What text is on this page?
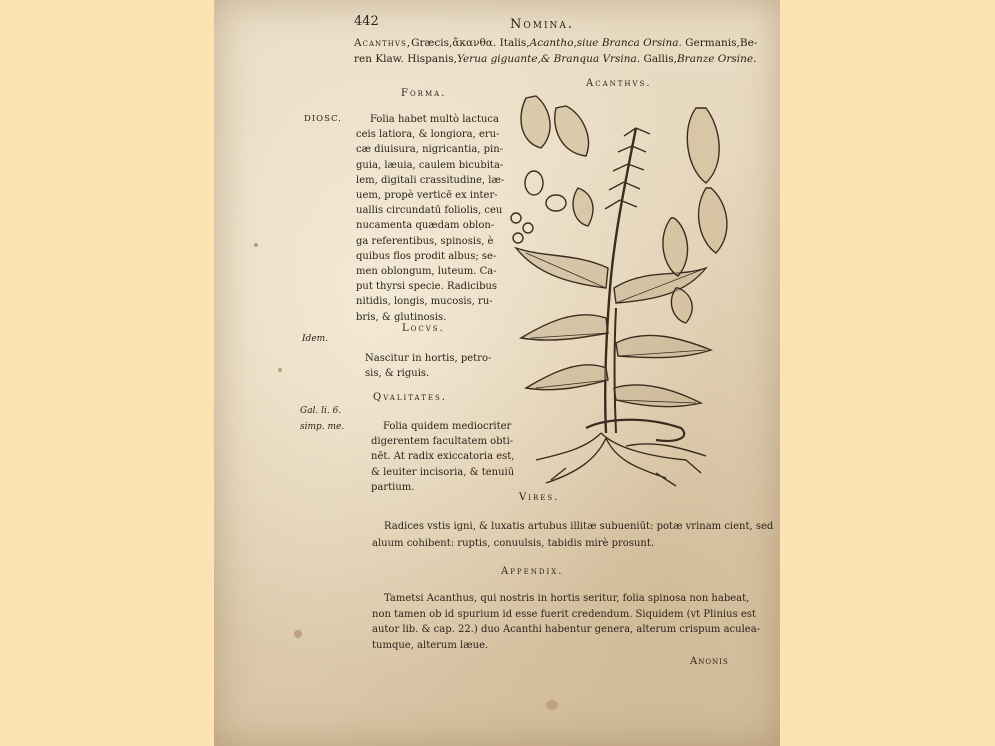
442	Nomina.
Acanthvs,Græcis,ἄκανθα. Italis,Acantho,siue Branca Orsina. Germanis,Be-
ren Klaw. Hispanis,Yerua giguante,& Branqua Vrsina. Gallis,Branze Orsine.
Acanthvs.
Forma.
DIOSC.	Folia habet multò lactuca
ceis latiora, & longiora, eru-
cæ diuisura, nigricantia, pin-
guia, læuia, caulem bicubita-
lem, digitali crassitudine, læ-
uem, propè verticē ex inter-
uallis circundatū foliolis, ceu
nucamenta quædam oblon-
ga referentibus, spinosis, è
quibus flos prodit albus; se-
men oblongum, luteum. Ca-
put thyrsi specie. Radicibus
nitidis, longis, mucosis, ru-
bris, & glutinosis.
Locvs.
Idem.
Nascitur in hortis, petro-
sis, & riguis.
Qvalitates.
Gal. li. 6.
simp. me.	Folia quidem mediocriter
digerentem facultatem obti-
nēt. At radix exiccatoria est,
& leuiter incisoria, & tenuiū
partium.
Vires.
Radices vstis igni, & luxatis artubus illitæ subueniūt: potæ vrinam cient, sed
aluum cohibent: ruptis, conuulsis, tabidis mirè prosunt.
Appendix.
Tametsi Acanthus, qui nostris in hortis seritur, folia spinosa non habeat,
non tamen ob id spurium id esse fuerit credendum. Siquidem (vt Plinius est
autor lib. & cap. 22.) duo Acanthi habentur genera, alterum crispum aculea-
tumque, alterum læue.
Anonis
